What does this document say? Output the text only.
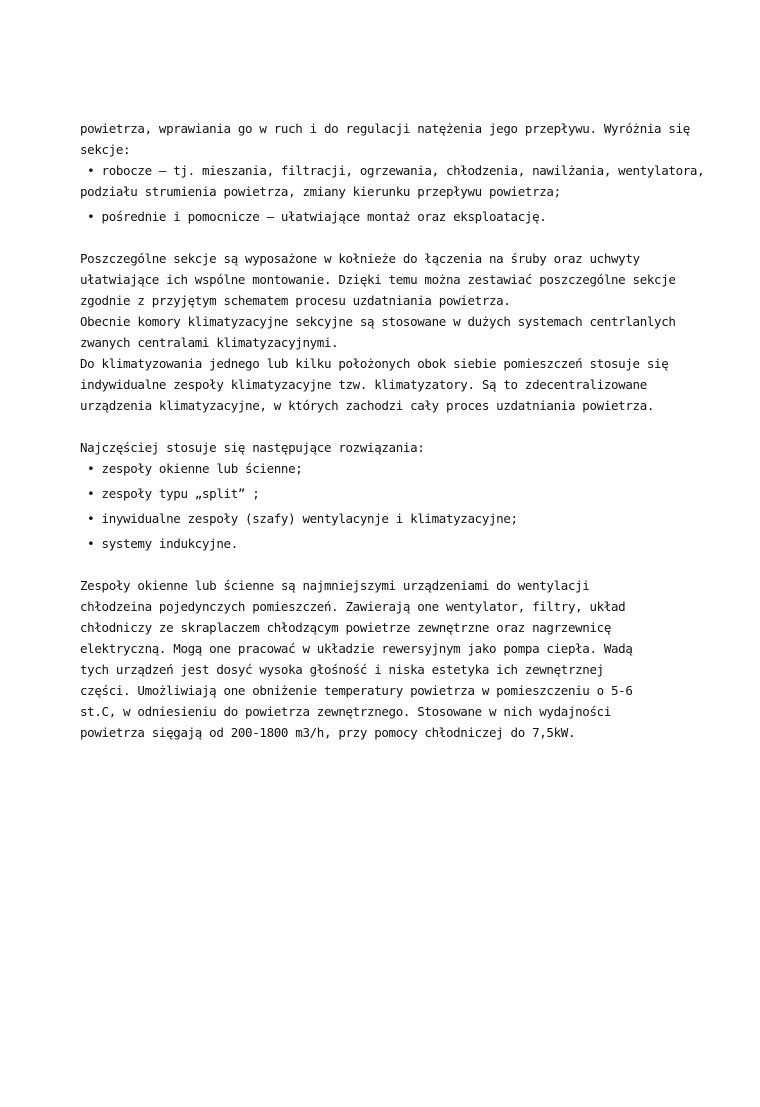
powietrza, wprawiania go w ruch i do regulacji natężenia jego przepływu. Wyróżnia się
sekcje:
• robocze – tj. mieszania, filtracji, ogrzewania, chłodzenia, nawilżania, wentylatora,
podziału strumienia powietrza, zmiany kierunku przepływu powietrza;
• pośrednie i pomocnicze – ułatwiające montaż oraz eksploatację.
Poszczególne sekcje są wyposażone w kołnieże do łączenia na śruby oraz uchwyty
ułatwiające ich wspólne montowanie. Dzięki temu można zestawiać poszczególne sekcje
zgodnie z przyjętym schematem procesu uzdatniania powietrza.
Obecnie komory klimatyzacyjne sekcyjne są stosowane w dużych systemach centrlanlych
zwanych centralami klimatyzacyjnymi.
Do klimatyzowania jednego lub kilku położonych obok siebie pomieszczeń stosuje się
indywidualne zespoły klimatyzacyjne tzw. klimatyzatory. Są to zdecentralizowane
urządzenia klimatyzacyjne, w których zachodzi cały proces uzdatniania powietrza.
Najczęściej stosuje się następujące rozwiązania:
• zespoły okienne lub ścienne;
• zespoły typu „split” ;
• inywidualne zespoły (szafy) wentylacynje i klimatyzacyjne;
• systemy indukcyjne.
Zespoły okienne lub ścienne są najmniejszymi urządzeniami do wentylacji
chłodzeina pojedynczych pomieszczeń. Zawierają one wentylator, filtry, układ
chłodniczy ze skraplaczem chłodzącym powietrze zewnętrzne oraz nagrzewnicę
elektryczną. Mogą one pracować w układzie rewersyjnym jako pompa ciepła. Wadą
tych urządzeń jest dosyć wysoka głośność i niska estetyka ich zewnętrznej
części. Umożliwiają one obniżenie temperatury powietrza w pomieszczeniu o 5-6
st.C, w odniesieniu do powietrza zewnętrznego. Stosowane w nich wydajności
powietrza sięgają od 200-1800 m3/h, przy pomocy chłodniczej do 7,5kW.
